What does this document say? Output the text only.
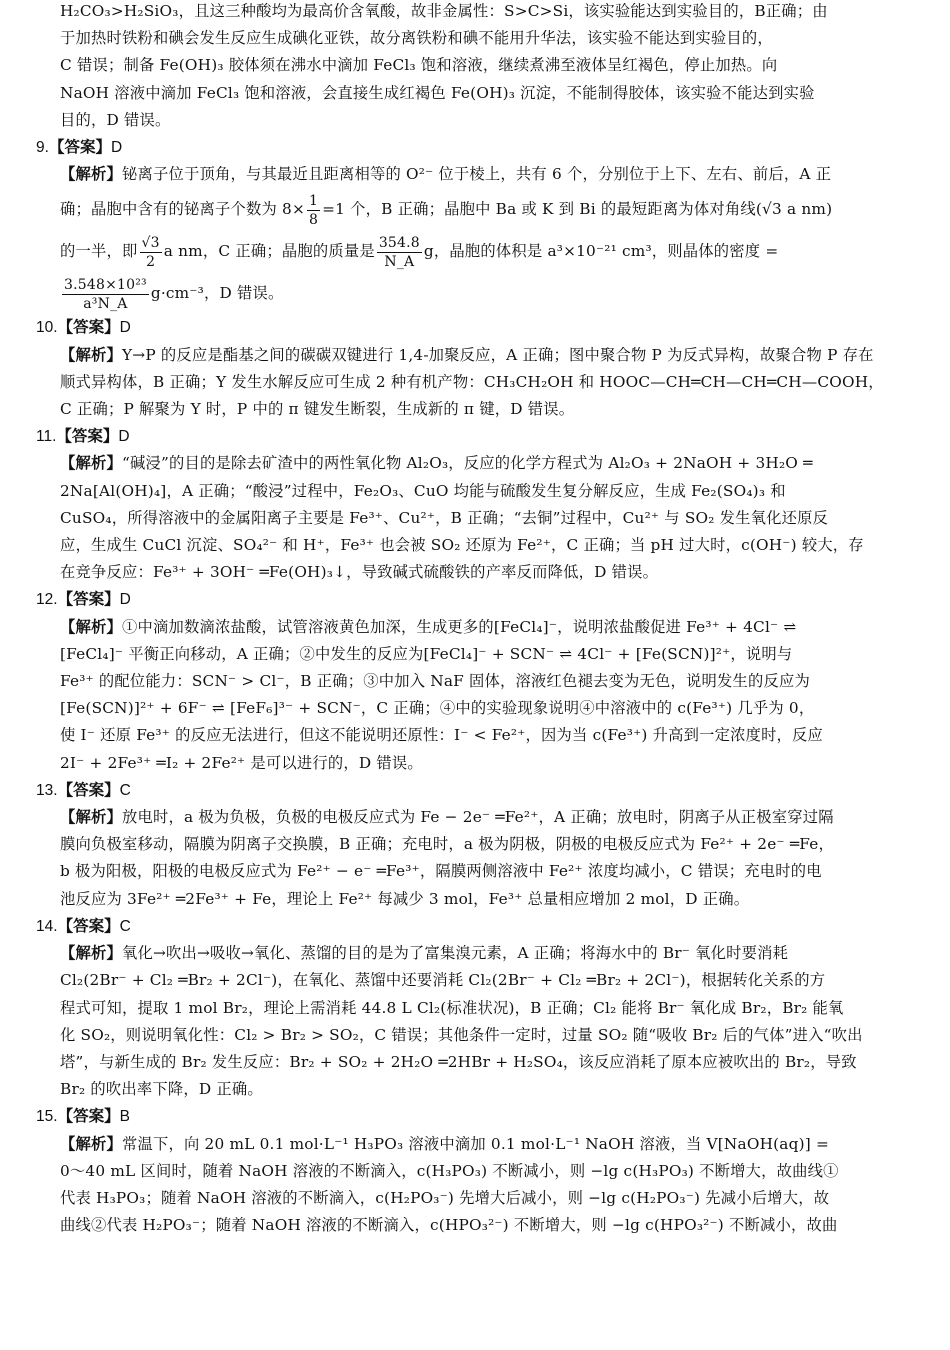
H₂CO₃>H₂SiO₃，且这三种酸均为最高价含氧酸，故非金属性：S>C>Si，该实验能达到实验目的，B正确；由

于加热时铁粉和碘会发生反应生成碘化亚铁，故分离铁粉和碘不能用升华法，该实验不能达到实验目的，

C 错误；制备 Fe(OH)₃ 胶体须在沸水中滴加 FeCl₃ 饱和溶液，继续煮沸至液体呈红褐色，停止加热。向

NaOH 溶液中滴加 FeCl₃ 饱和溶液，会直接生成红褐色 Fe(OH)₃ 沉淀，不能制得胶体，该实验不能达到实验

目的，D 错误。

9.【答案】D

【解析】铋离子位于顶角，与其最近且距离相等的 O²⁻ 位于棱上，共有 6 个，分别位于上下、左右、前后，A 正

确；晶胞中含有的铋离子个数为 $8\times \frac{1}{8} =1$ 个，B 正确；晶胞中 Ba 或 K 到 Bi 的最短距离为体对角线(√3 a nm)

的一半，即 $\frac{√3}{2}$ a nm，C 正确；晶胞的质量是 $\frac{354.8}{N\_A}$ g，晶胞的体积是 a³×10⁻²¹ cm³，则晶体的密度 =

$\frac{\text{3.548×10²³}}{\text{a³N\_A}} g\cdot cm^{-3}$，D 错误。

10.【答案】D

【解析】Y→P 的反应是酯基之间的碳碳双键进行 1,4-加聚反应，A 正确；图中聚合物 P 为反式异构，故聚合物 P 存在

顺式异构体，B 正确；Y 发生水解反应可生成 2 种有机产物：CH₃CH₂OH 和 HOOC—CH═CH—CH═CH—COOH，

C 正确；P 解聚为 Y 时，P 中的 π 键发生断裂，生成新的 π 键，D 错误。

11.【答案】D

【解析】“碱浸”的目的是除去矿渣中的两性氧化物 Al₂O₃，反应的化学方程式为 Al₂O₃ + 2NaOH + 3H₂O ═

2Na[Al(OH)₄]，A 正确；“酸浸”过程中，Fe₂O₃、CuO 均能与硫酸发生复分解反应，生成 Fe₂(SO₄)₃ 和

CuSO₄，所得溶液中的金属阳离子主要是 Fe³⁺、Cu²⁺，B 正确；“去铜”过程中，Cu²⁺ 与 SO₂ 发生氧化还原反

应，生成生 CuCl 沉淀、SO₄²⁻ 和 H⁺，Fe³⁺ 也会被 SO₂ 还原为 Fe²⁺，C 正确；当 pH 过大时，c(OH⁻) 较大，存

在竞争反应：Fe³⁺ + 3OH⁻ ═Fe(OH)₃↓，导致碱式硫酸铁的产率反而降低，D 错误。

12.【答案】D

【解析】①中滴加数滴浓盐酸，试管溶液黄色加深，生成更多的[FeCl₄]⁻，说明浓盐酸促进 Fe³⁺ + 4Cl⁻ ⇌

[FeCl₄]⁻ 平衡正向移动，A 正确；②中发生的反应为[FeCl₄]⁻ + SCN⁻ ⇌ 4Cl⁻ + [Fe(SCN)]²⁺，说明与

Fe³⁺ 的配位能力：SCN⁻ > Cl⁻，B 正确；③中加入 NaF 固体，溶液红色褪去变为无色，说明发生的反应为

[Fe(SCN)]²⁺ + 6F⁻ ⇌ [FeF₆]³⁻ + SCN⁻，C 正确；④中的实验现象说明④中溶液中的 c(Fe³⁺) 几乎为 0，

使 I⁻ 还原 Fe³⁺ 的反应无法进行，但这不能说明还原性：I⁻ < Fe²⁺，因为当 c(Fe³⁺) 升高到一定浓度时，反应

2I⁻ + 2Fe³⁺ ═I₂ + 2Fe²⁺ 是可以进行的，D 错误。

13.【答案】C

【解析】放电时，a 极为负极，负极的电极反应式为 Fe − 2e⁻ ═Fe²⁺，A 正确；放电时，阴离子从正极室穿过隔

膜向负极室移动，隔膜为阴离子交换膜，B 正确；充电时，a 极为阴极，阴极的电极反应式为 Fe²⁺ + 2e⁻ ═Fe，

b 极为阳极，阳极的电极反应式为 Fe²⁺ − e⁻ ═Fe³⁺，隔膜两侧溶液中 Fe²⁺ 浓度均减小，C 错误；充电时的电

池反应为 3Fe²⁺ ═2Fe³⁺ + Fe，理论上 Fe²⁺ 每减少 3 mol，Fe³⁺ 总量相应增加 2 mol，D 正确。

14.【答案】C

【解析】氧化→吹出→吸收→氧化、蒸馏的目的是为了富集溴元素，A 正确；将海水中的 Br⁻ 氧化时要消耗

Cl₂(2Br⁻ + Cl₂ ═Br₂ + 2Cl⁻)，在氧化、蒸馏中还要消耗 Cl₂(2Br⁻ + Cl₂ ═Br₂ + 2Cl⁻)，根据转化关系的方

程式可知，提取 1 mol Br₂，理论上需消耗 44.8 L Cl₂(标准状况)，B 正确；Cl₂ 能将 Br⁻ 氧化成 Br₂，Br₂ 能氧

化 SO₂，则说明氧化性：Cl₂ > Br₂ > SO₂，C 错误；其他条件一定时，过量 SO₂ 随“吸收 Br₂ 后的气体”进入“吹出

塔”，与新生成的 Br₂ 发生反应：Br₂ + SO₂ + 2H₂O ═2HBr + H₂SO₄，该反应消耗了原本应被吹出的 Br₂，导致

Br₂ 的吹出率下降，D 正确。

15.【答案】B

【解析】常温下，向 20 mL 0.1 mol·L⁻¹ H₃PO₃ 溶液中滴加 0.1 mol·L⁻¹ NaOH 溶液，当 V[NaOH(aq)] =

0～40 mL 区间时，随着 NaOH 溶液的不断滴入，c(H₃PO₃) 不断减小，则 −lg c(H₃PO₃) 不断增大，故曲线①

代表 H₃PO₃；随着 NaOH 溶液的不断滴入，c(H₂PO₃⁻) 先增大后减小，则 −lg c(H₂PO₃⁻) 先减小后增大，故

曲线②代表 H₂PO₃⁻；随着 NaOH 溶液的不断滴入，c(HPO₃²⁻) 不断增大，则 −lg c(HPO₃²⁻) 不断减小，故曲
